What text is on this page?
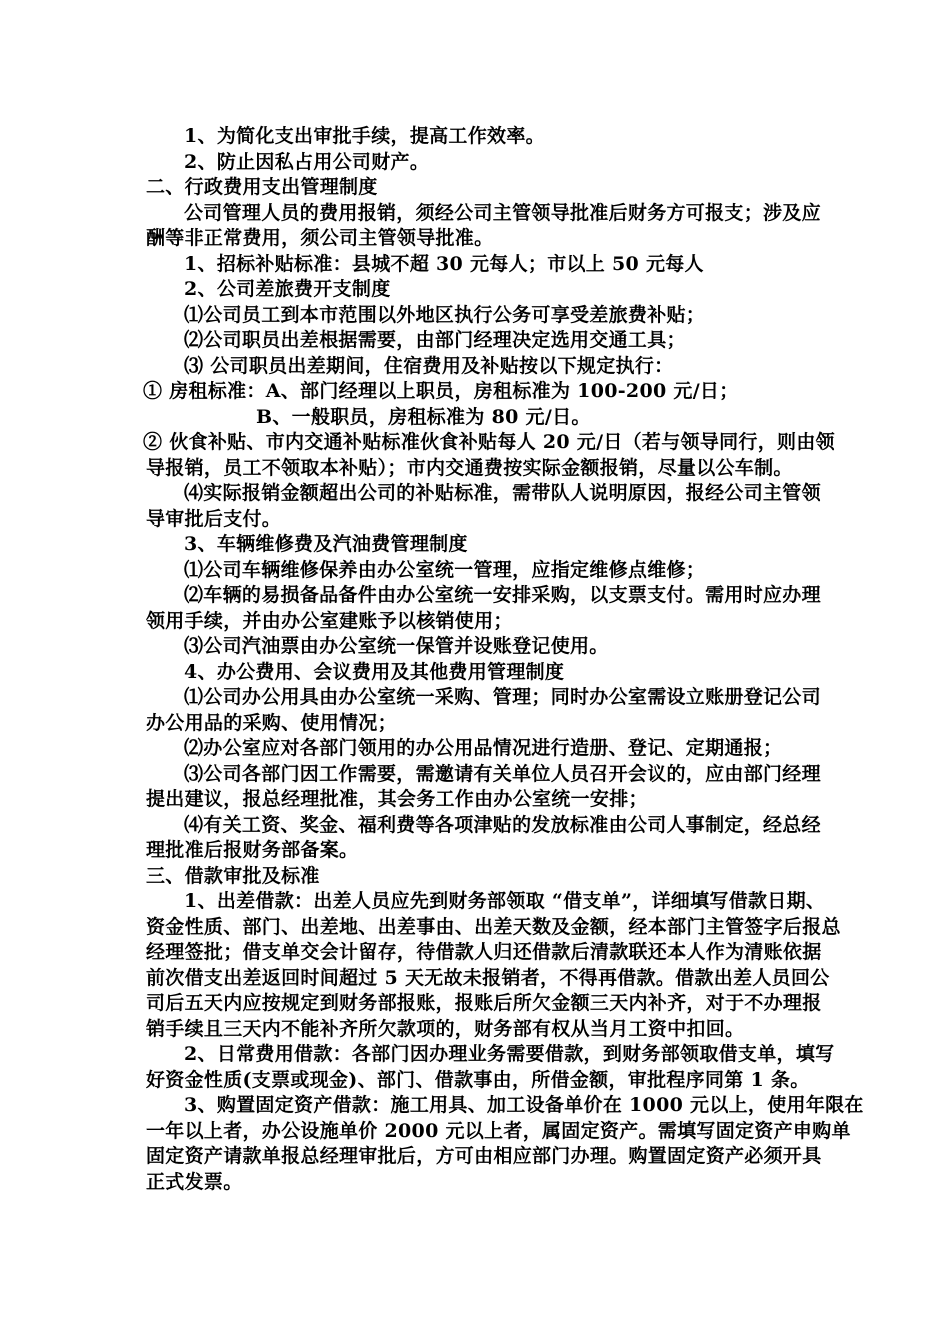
1、为简化支出审批手续，提高工作效率。
2、防止因私占用公司财产。
二、行政费用支出管理制度
公司管理人员的费用报销，须经公司主管领导批准后财务方可报支；涉及应
酬等非正常费用，须公司主管领导批准。
1、招标补贴标准：县城不超 30 元每人；市以上 50 元每人
2、公司差旅费开支制度
⑴公司员工到本市范围以外地区执行公务可享受差旅费补贴；
⑵公司职员出差根据需要，由部门经理决定选用交通工具；
⑶ 公司职员出差期间，住宿费用及补贴按以下规定执行：
① 房租标准：A、部门经理以上职员，房租标准为 100-200 元/日；
B、一般职员，房租标准为 80 元/日。
② 伙食补贴、市内交通补贴标准伙食补贴每人 20 元/日（若与领导同行，则由领
导报销，员工不领取本补贴）；市内交通费按实际金额报销，尽量以公车制。
⑷实际报销金额超出公司的补贴标准，需带队人说明原因，报经公司主管领
导审批后支付。
3、车辆维修费及汽油费管理制度
⑴公司车辆维修保养由办公室统一管理，应指定维修点维修；
⑵车辆的易损备品备件由办公室统一安排采购，以支票支付。需用时应办理
领用手续，并由办公室建账予以核销使用；
⑶公司汽油票由办公室统一保管并设账登记使用。
4、办公费用、会议费用及其他费用管理制度
⑴公司办公用具由办公室统一采购、管理；同时办公室需设立账册登记公司
办公用品的采购、使用情况；
⑵办公室应对各部门领用的办公用品情况进行造册、登记、定期通报；
⑶公司各部门因工作需要，需邀请有关单位人员召开会议的，应由部门经理
提出建议，报总经理批准，其会务工作由办公室统一安排；
⑷有关工资、奖金、福利费等各项津贴的发放标准由公司人事制定，经总经
理批准后报财务部备案。
三、借款审批及标准
1、出差借款：出差人员应先到财务部领取 “借支单”，详细填写借款日期、
资金性质、部门、出差地、出差事由、出差天数及金额，经本部门主管签字后报总
经理签批；借支单交会计留存，待借款人归还借款后清款联还本人作为清账依据
前次借支出差返回时间超过 5 天无故未报销者，不得再借款。借款出差人员回公
司后五天内应按规定到财务部报账，报账后所欠金额三天内补齐，对于不办理报
销手续且三天内不能补齐所欠款项的，财务部有权从当月工资中扣回。
2、日常费用借款：各部门因办理业务需要借款，到财务部领取借支单，填写
好资金性质(支票或现金)、部门、借款事由，所借金额，审批程序同第 1 条。
3、购置固定资产借款：施工用具、加工设备单价在 1000 元以上，使用年限在
一年以上者，办公设施单价 2000 元以上者，属固定资产。需填写固定资产申购单
固定资产请款单报总经理审批后，方可由相应部门办理。购置固定资产必须开具
正式发票。
